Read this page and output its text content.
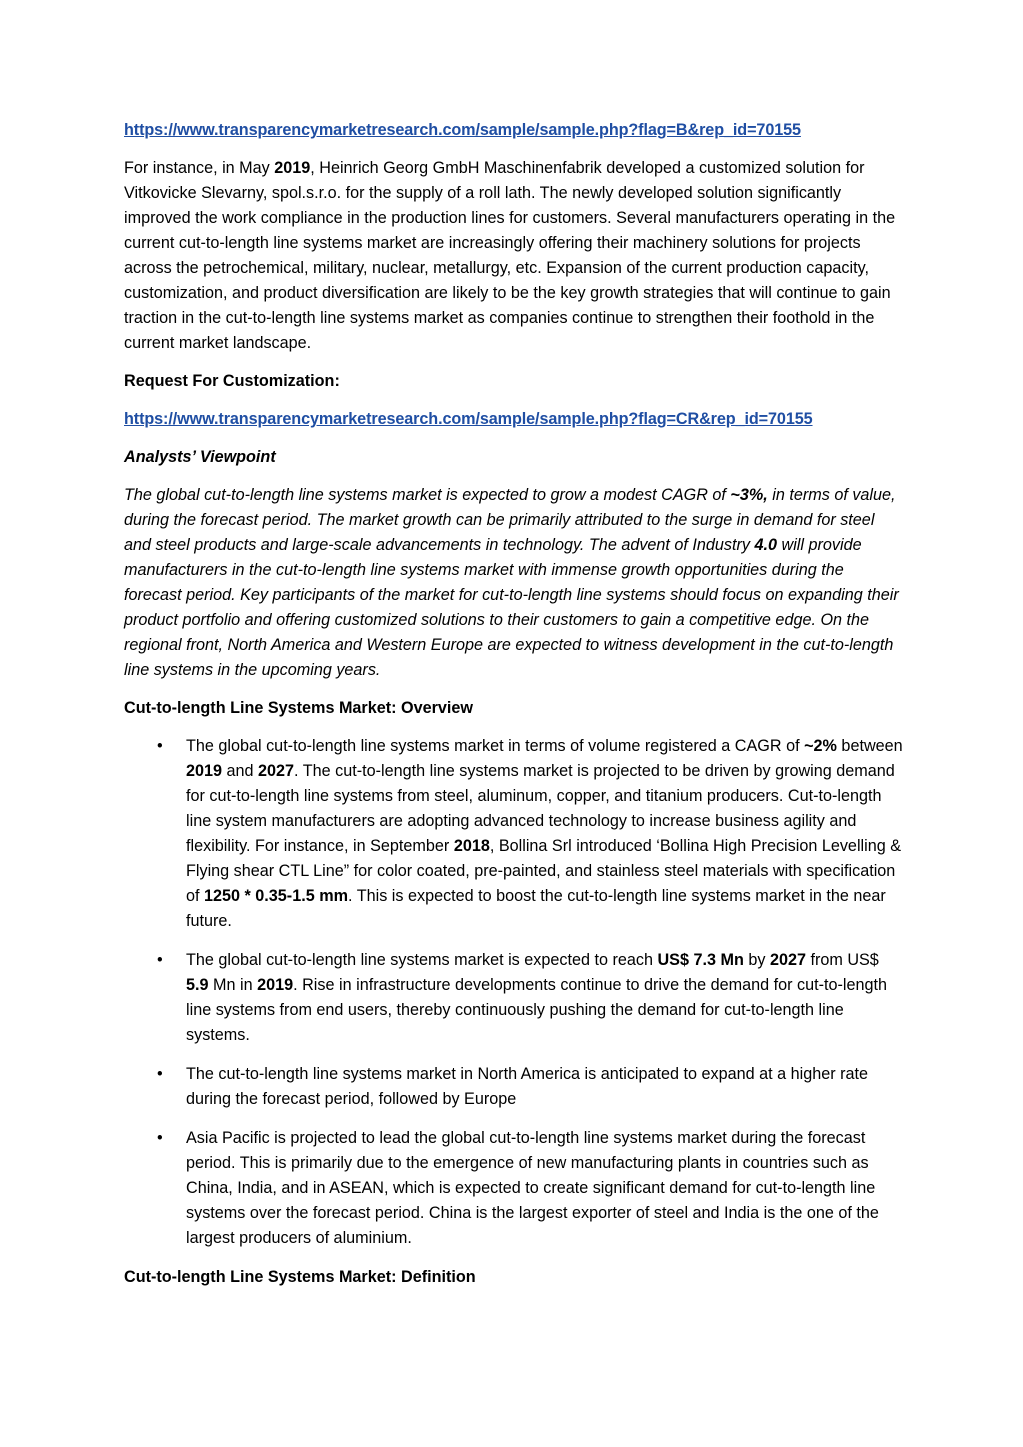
https://www.transparencymarketresearch.com/sample/sample.php?flag=B&rep_id=70155

For instance, in May 2019, Heinrich Georg GmbH Maschinenfabrik developed a customized solution for Vitkovicke Slevarny, spol.s.r.o. for the supply of a roll lath. The newly developed solution significantly improved the work compliance in the production lines for customers. Several manufacturers operating in the current cut-to-length line systems market are increasingly offering their machinery solutions for projects across the petrochemical, military, nuclear, metallurgy, etc. Expansion of the current production capacity, customization, and product diversification are likely to be the key growth strategies that will continue to gain traction in the cut-to-length line systems market as companies continue to strengthen their foothold in the current market landscape.

Request For Customization:
https://www.transparencymarketresearch.com/sample/sample.php?flag=CR&rep_id=70155
Analysts’ Viewpoint

The global cut-to-length line systems market is expected to grow a modest CAGR of ~3%, in terms of value, during the forecast period. The market growth can be primarily attributed to the surge in demand for steel and steel products and large-scale advancements in technology. The advent of Industry 4.0 will provide manufacturers in the cut-to-length line systems market with immense growth opportunities during the forecast period. Key participants of the market for cut-to-length line systems should focus on expanding their product portfolio and offering customized solutions to their customers to gain a competitive edge. On the regional front, North America and Western Europe are expected to witness development in the cut-to-length line systems in the upcoming years.

Cut-to-length Line Systems Market: Overview
• The global cut-to-length line systems market in terms of volume registered a CAGR of ~2% between 2019 and 2027. The cut-to-length line systems market is projected to be driven by growing demand for cut-to-length line systems from steel, aluminum, copper, and titanium producers. Cut-to-length line system manufacturers are adopting advanced technology to increase business agility and flexibility. For instance, in September 2018, Bollina Srl introduced ‘Bollina High Precision Levelling & Flying shear CTL Line” for color coated, pre-painted, and stainless steel materials with specification of 1250 * 0.35-1.5 mm. This is expected to boost the cut-to-length line systems market in the near future.
• The global cut-to-length line systems market is expected to reach US$ 7.3 Mn by 2027 from US$ 5.9 Mn in 2019. Rise in infrastructure developments continue to drive the demand for cut-to-length line systems from end users, thereby continuously pushing the demand for cut-to-length line systems.
• The cut-to-length line systems market in North America is anticipated to expand at a higher rate during the forecast period, followed by Europe
• Asia Pacific is projected to lead the global cut-to-length line systems market during the forecast period. This is primarily due to the emergence of new manufacturing plants in countries such as China, India, and in ASEAN, which is expected to create significant demand for cut-to-length line systems over the forecast period. China is the largest exporter of steel and India is the one of the largest producers of aluminium.
Cut-to-length Line Systems Market: Definition
